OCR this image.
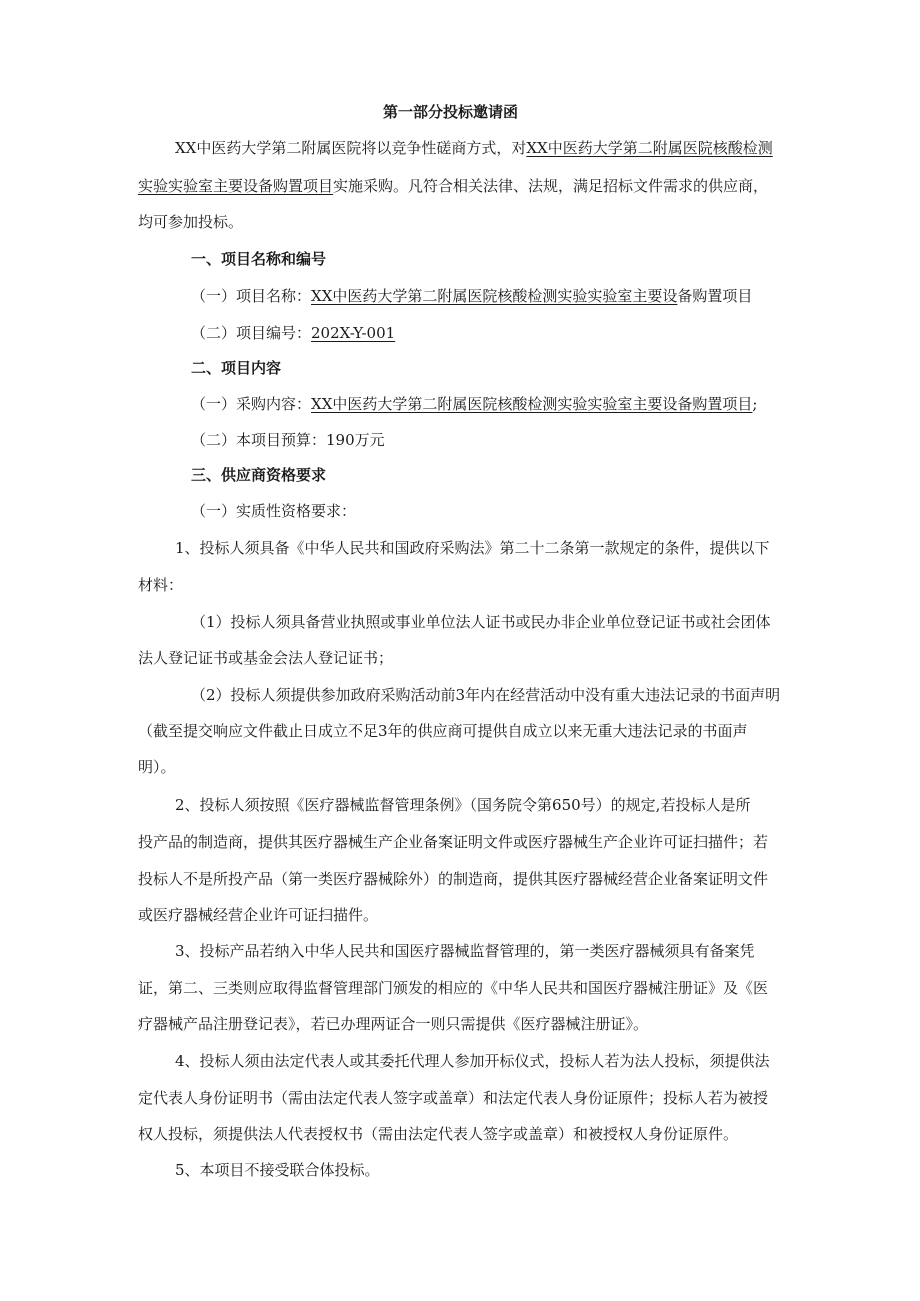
第一部分投标邀请函

XX中医药大学第二附属医院将以竞争性磋商方式，对XX中医药大学第二附属医院核酸检测

实验实验室主要设备购置项目实施采购。凡符合相关法律、法规，满足招标文件需求的供应商，

均可参加投标。

一、项目名称和编号

（一）项目名称：XX中医药大学第二附属医院核酸检测实验实验室主要设备购置项目

（二）项目编号：202X-Y-001

二、项目内容

（一）采购内容：XX中医药大学第二附属医院核酸检测实验实验室主要设备购置项目;

（二）本项目预算：190万元

三、供应商资格要求

（一）实质性资格要求：

1、投标人须具备《中华人民共和国政府采购法》第二十二条第一款规定的条件，提供以下

材料：

（1）投标人须具备营业执照或事业单位法人证书或民办非企业单位登记证书或社会团体

法人登记证书或基金会法人登记证书；

（2）投标人须提供参加政府采购活动前3年内在经营活动中没有重大违法记录的书面声明

（截至提交响应文件截止日成立不足3年的供应商可提供自成立以来无重大违法记录的书面声

明）。

2、投标人须按照《医疗器械监督管理条例》（国务院令第650号）的规定,若投标人是所

投产品的制造商，提供其医疗器械生产企业备案证明文件或医疗器械生产企业许可证扫描件；若

投标人不是所投产品（第一类医疗器械除外）的制造商，提供其医疗器械经营企业备案证明文件

或医疗器械经营企业许可证扫描件。

3、投标产品若纳入中华人民共和国医疗器械监督管理的，第一类医疗器械须具有备案凭

证，第二、三类则应取得监督管理部门颁发的相应的《中华人民共和国医疗器械注册证》及《医

疗器械产品注册登记表》，若已办理两证合一则只需提供《医疗器械注册证》。

4、投标人须由法定代表人或其委托代理人参加开标仪式，投标人若为法人投标，须提供法

定代表人身份证明书（需由法定代表人签字或盖章）和法定代表人身份证原件；投标人若为被授

权人投标，须提供法人代表授权书（需由法定代表人签字或盖章）和被授权人身份证原件。

5、本项目不接受联合体投标。
